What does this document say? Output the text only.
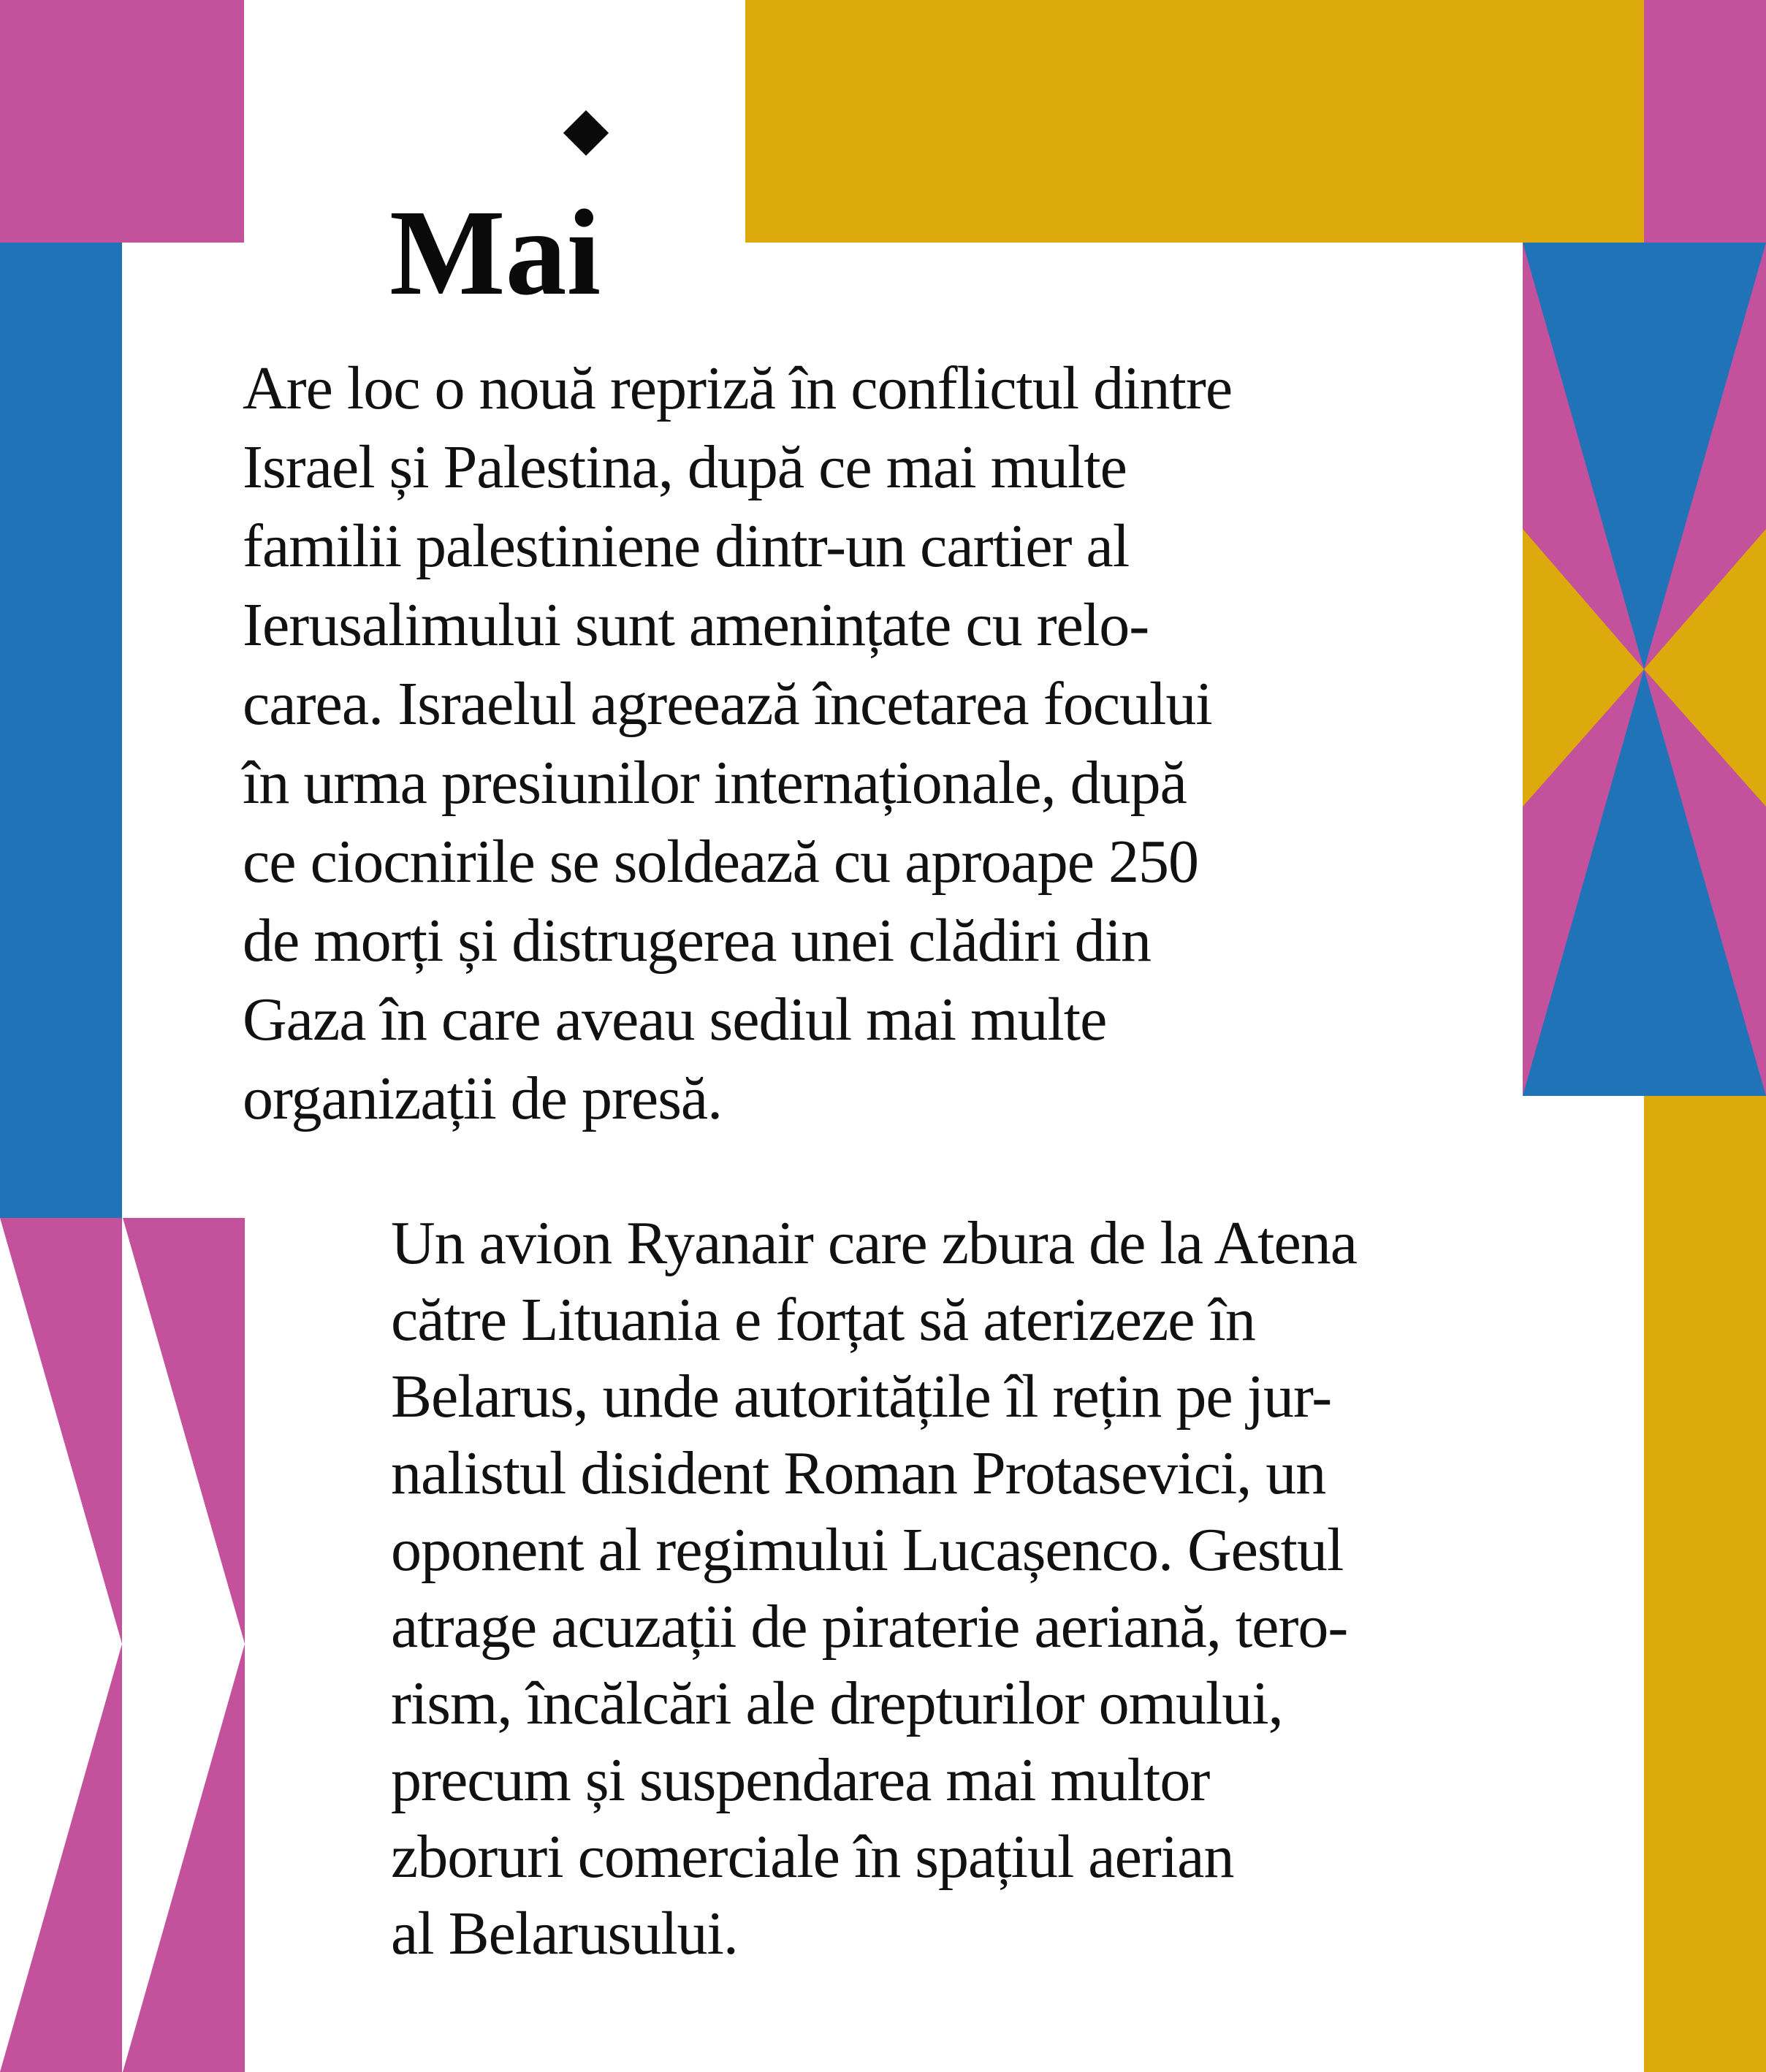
Mai
Are loc o nouă repriză în conflictul dintre
Israel și Palestina, după ce mai multe
familii palestiniene dintr-un cartier al
Ierusalimului sunt amenințate cu relo-
carea. Israelul agreează încetarea focului
în urma presiunilor internaționale, după
ce ciocnirile se soldează cu aproape 250
de morți și distrugerea unei clădiri din
Gaza în care aveau sediul mai multe
organizații de presă.
Un avion Ryanair care zbura de la Atena
către Lituania e forțat să aterizeze în
Belarus, unde autoritățile îl rețin pe jur-
nalistul disident Roman Protasevici, un
oponent al regimului Lucașenco. Gestul
atrage acuzații de piraterie aeriană, tero-
rism, încălcări ale drepturilor omului,
precum și suspendarea mai multor
zboruri comerciale în spațiul aerian
al Belarusului.
